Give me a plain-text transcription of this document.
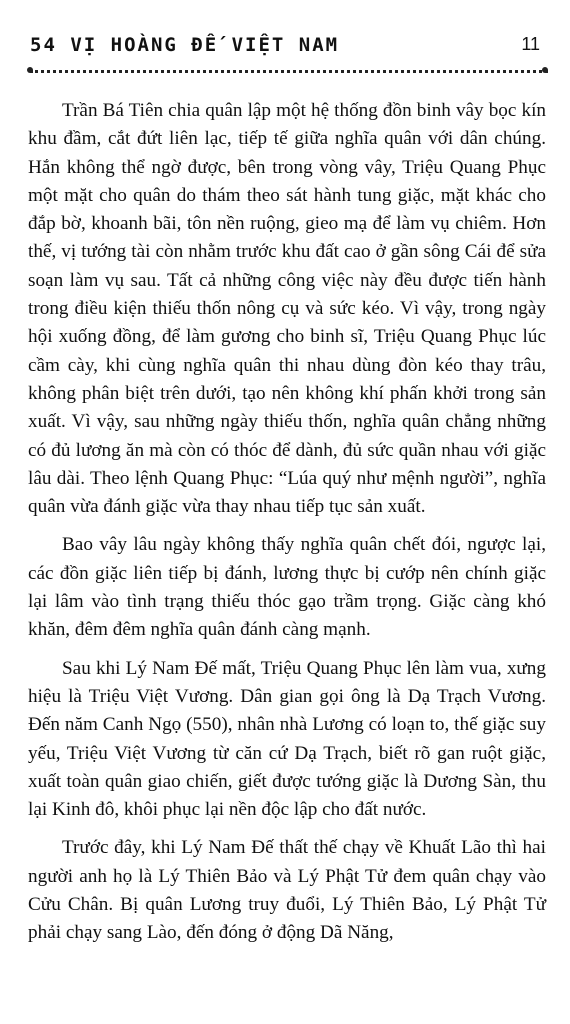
54 VỊ HOÀNG ĐẾ VIỆT NAM	11

Trần Bá Tiên chia quân lập một hệ thống đồn binh vây bọc kín khu đầm, cắt đứt liên lạc, tiếp tế giữa nghĩa quân với dân chúng. Hắn không thể ngờ được, bên trong vòng vây, Triệu Quang Phục một mặt cho quân do thám theo sát hành tung giặc, mặt khác cho đắp bờ, khoanh bãi, tôn nền ruộng, gieo mạ để làm vụ chiêm. Hơn thế, vị tướng tài còn nhằm trước khu đất cao ở gần sông Cái để sửa soạn làm vụ sau. Tất cả những công việc này đều được tiến hành trong điều kiện thiếu thốn nông cụ và sức kéo. Vì vậy, trong ngày hội xuống đồng, để làm gương cho binh sĩ, Triệu Quang Phục lúc cầm cày, khi cùng nghĩa quân thi nhau dùng đòn kéo thay trâu, không phân biệt trên dưới, tạo nên không khí phấn khởi trong sản xuất. Vì vậy, sau những ngày thiếu thốn, nghĩa quân chẳng những có đủ lương ăn mà còn có thóc để dành, đủ sức quần nhau với giặc lâu dài. Theo lệnh Quang Phục: “Lúa quý như mệnh người”, nghĩa quân vừa đánh giặc vừa thay nhau tiếp tục sản xuất.

Bao vây lâu ngày không thấy nghĩa quân chết đói, ngược lại, các đồn giặc liên tiếp bị đánh, lương thực bị cướp nên chính giặc lại lâm vào tình trạng thiếu thóc gạo trầm trọng. Giặc càng khó khăn, đêm đêm nghĩa quân đánh càng mạnh.

Sau khi Lý Nam Đế mất, Triệu Quang Phục lên làm vua, xưng hiệu là Triệu Việt Vương. Dân gian gọi ông là Dạ Trạch Vương. Đến năm Canh Ngọ (550), nhân nhà Lương có loạn to, thế giặc suy yếu, Triệu Việt Vương từ căn cứ Dạ Trạch, biết rõ gan ruột giặc, xuất toàn quân giao chiến, giết được tướng giặc là Dương Sàn, thu lại Kinh đô, khôi phục lại nền độc lập cho đất nước.

Trước đây, khi Lý Nam Đế thất thế chạy về Khuất Lão thì hai người anh họ là Lý Thiên Bảo và Lý Phật Tử đem quân chạy vào Cửu Chân. Bị quân Lương truy đuổi, Lý Thiên Bảo, Lý Phật Tử phải chạy sang Lào, đến đóng ở động Dã Năng,
